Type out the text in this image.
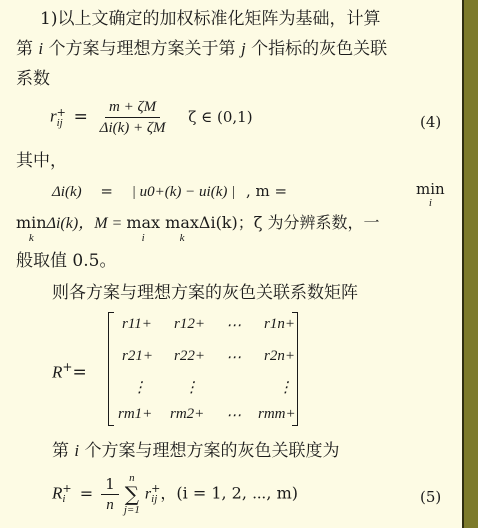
1)以上文确定的加权标准化矩阵为基础，计算
第 i 个方案与理想方案关于第 j 个指标的灰色关联
系数
r+
ij = $\frac{m + \zeta M}{\Delta i(k) + \zeta M}$ ζ ∈ (0,1)	(4)
其中，
Δi(k) = | u0+(k) − ui(k) | , m =	min
i
min

k
Δi(k)，M = max

i
max

k
Δi(k)；ζ 为分辨系数，一
般取值 0.5。
则各方案与理想方案的灰色关联系数矩阵
R+=
r11+ r12+ ⋯ r1n+
r21+ r22+ ⋯ r2n+
⋮ ⋮	⋮
rm1+ rm2+ ⋯ rmm+
第 i 个方案与理想方案的灰色关联度为
R+
$i = \frac{1}{n}$
n
∑
j=1
r+
ij ，(i = 1, 2, ⋯, m)	(5)
